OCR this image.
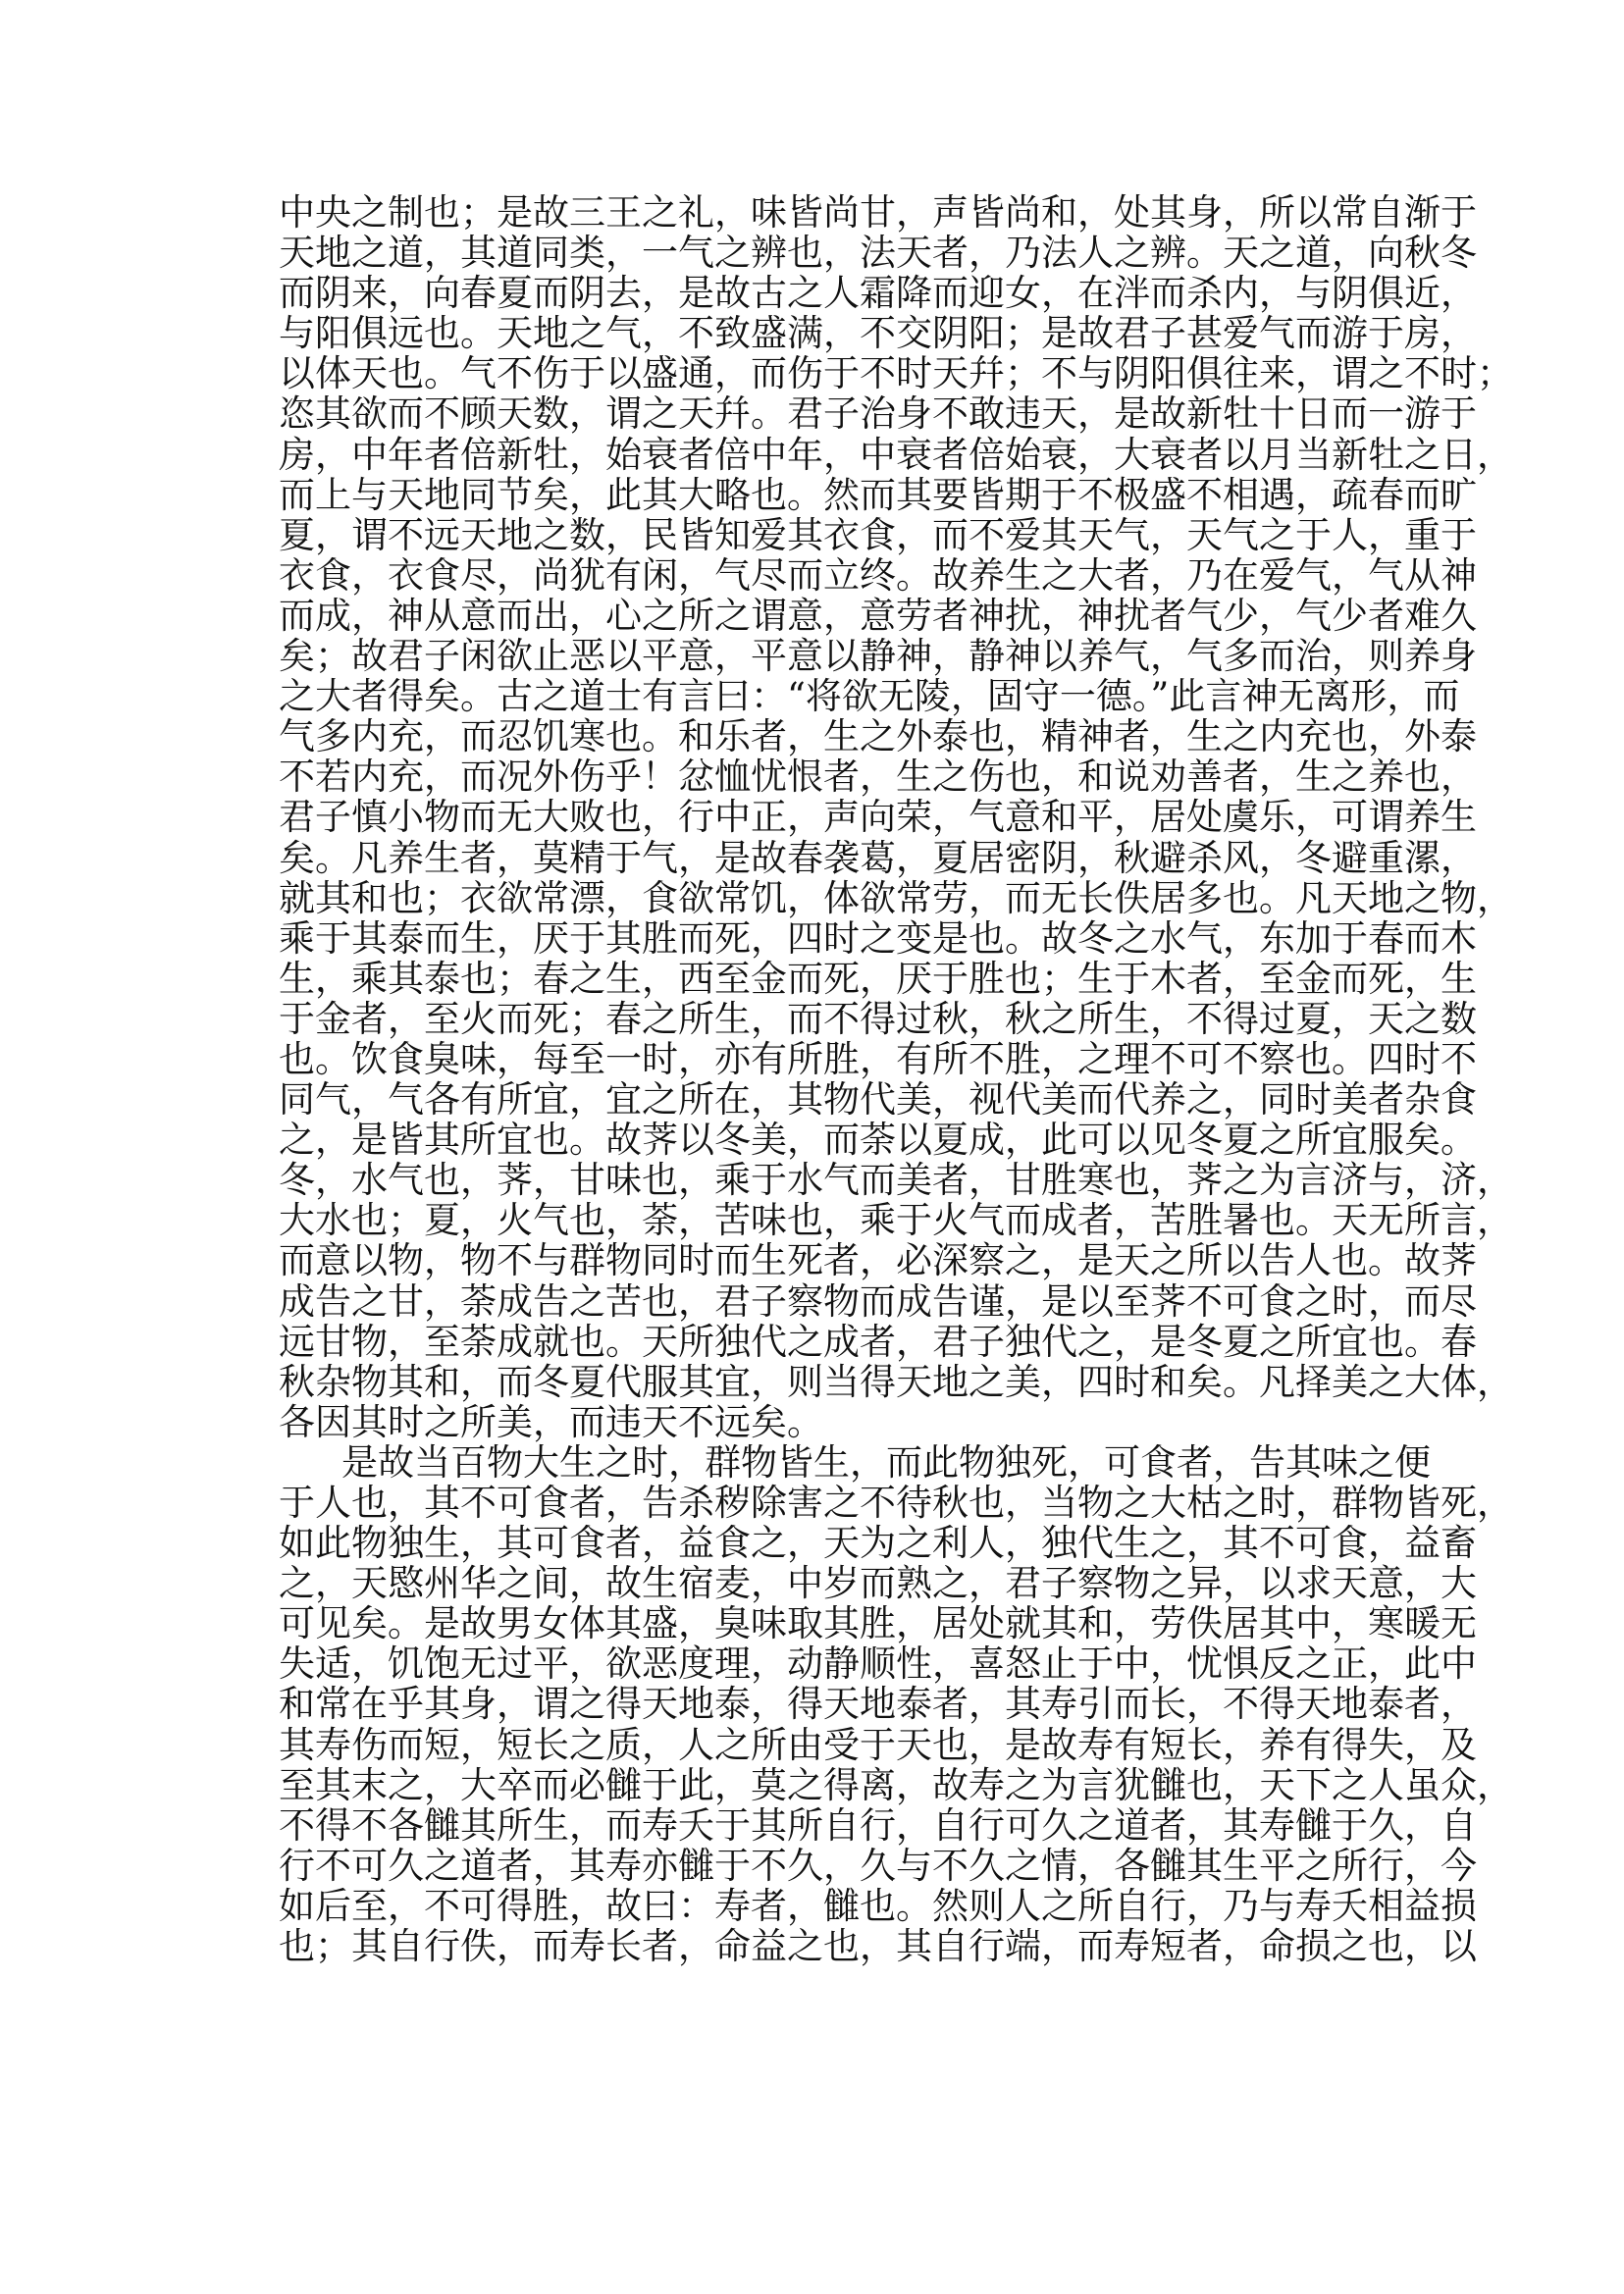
中央之制也；是故三王之礼，味皆尚甘，声皆尚和，处其身，所以常自渐于
天地之道，其道同类，一气之辨也，法天者，乃法人之辨。天之道，向秋冬
而阴来，向春夏而阴去，是故古之人霜降而迎女，在泮而杀内，与阴俱近，
与阳俱远也。天地之气，不致盛满，不交阴阳；是故君子甚爱气而游于房，
以体天也。气不伤于以盛通，而伤于不时天幷；不与阴阳俱往来，谓之不时；
恣其欲而不顾天数，谓之天幷。君子治身不敢违天，是故新牡十日而一游于
房，中年者倍新牡，始衰者倍中年，中衰者倍始衰，大衰者以月当新牡之日，
而上与天地同节矣，此其大略也。然而其要皆期于不极盛不相遇，疏春而旷
夏，谓不远天地之数，民皆知爱其衣食，而不爱其天气，天气之于人，重于
衣食，衣食尽，尚犹有闲，气尽而立终。故养生之大者，乃在爱气，气从神
而成，神从意而出，心之所之谓意，意劳者神扰，神扰者气少，气少者难久
矣；故君子闲欲止恶以平意，平意以静神，静神以养气，气多而治，则养身
之大者得矣。古之道士有言曰：“将欲无陵，固守一德。”此言神无离形，而
气多内充，而忍饥寒也。和乐者，生之外泰也，精神者，生之内充也，外泰
不若内充，而况外伤乎！忿恤忧恨者，生之伤也，和说劝善者，生之养也，
君子慎小物而无大败也，行中正，声向荣，气意和平，居处虞乐，可谓养生
矣。凡养生者，莫精于气，是故春袭葛，夏居密阴，秋避杀风，冬避重漯，
就其和也；衣欲常漂，食欲常饥，体欲常劳，而无长佚居多也。凡天地之物，
乘于其泰而生，厌于其胜而死，四时之变是也。故冬之水气，东加于春而木
生，乘其泰也；春之生，西至金而死，厌于胜也；生于木者，至金而死，生
于金者，至火而死；春之所生，而不得过秋，秋之所生，不得过夏，天之数
也。饮食臭味，每至一时，亦有所胜，有所不胜，之理不可不察也。四时不
同气，气各有所宜，宜之所在，其物代美，视代美而代养之，同时美者杂食
之，是皆其所宜也。故荠以冬美，而荼以夏成，此可以见冬夏之所宜服矣。
冬，水气也，荠，甘味也，乘于水气而美者，甘胜寒也，荠之为言济与，济，
大水也；夏，火气也，荼，苦味也，乘于火气而成者，苦胜暑也。天无所言，
而意以物，物不与群物同时而生死者，必深察之，是天之所以告人也。故荠
成告之甘，荼成告之苦也，君子察物而成告谨，是以至荠不可食之时，而尽
远甘物，至荼成就也。天所独代之成者，君子独代之，是冬夏之所宜也。春
秋杂物其和，而冬夏代服其宜，则当得天地之美，四时和矣。凡择美之大体，
各因其时之所美，而违天不远矣。
是故当百物大生之时，群物皆生，而此物独死，可食者，告其味之便
于人也，其不可食者，告杀秽除害之不待秋也，当物之大枯之时，群物皆死，
如此物独生，其可食者，益食之，天为之利人，独代生之，其不可食，益畜
之，天愍州华之间，故生宿麦，中岁而熟之，君子察物之异，以求天意，大
可见矣。是故男女体其盛，臭味取其胜，居处就其和，劳佚居其中，寒暖无
失适，饥饱无过平，欲恶度理，动静顺性，喜怒止于中，忧惧反之正，此中
和常在乎其身，谓之得天地泰，得天地泰者，其寿引而长，不得天地泰者，
其寿伤而短，短长之质，人之所由受于天也，是故寿有短长，养有得失，及
至其末之，大卒而必雠于此，莫之得离，故寿之为言犹雠也，天下之人虽众，
不得不各雠其所生，而寿夭于其所自行，自行可久之道者，其寿雠于久，自
行不可久之道者，其寿亦雠于不久，久与不久之情，各雠其生平之所行，今
如后至，不可得胜，故曰：寿者，雠也。然则人之所自行，乃与寿夭相益损
也；其自行佚，而寿长者，命益之也，其自行端，而寿短者，命损之也，以
